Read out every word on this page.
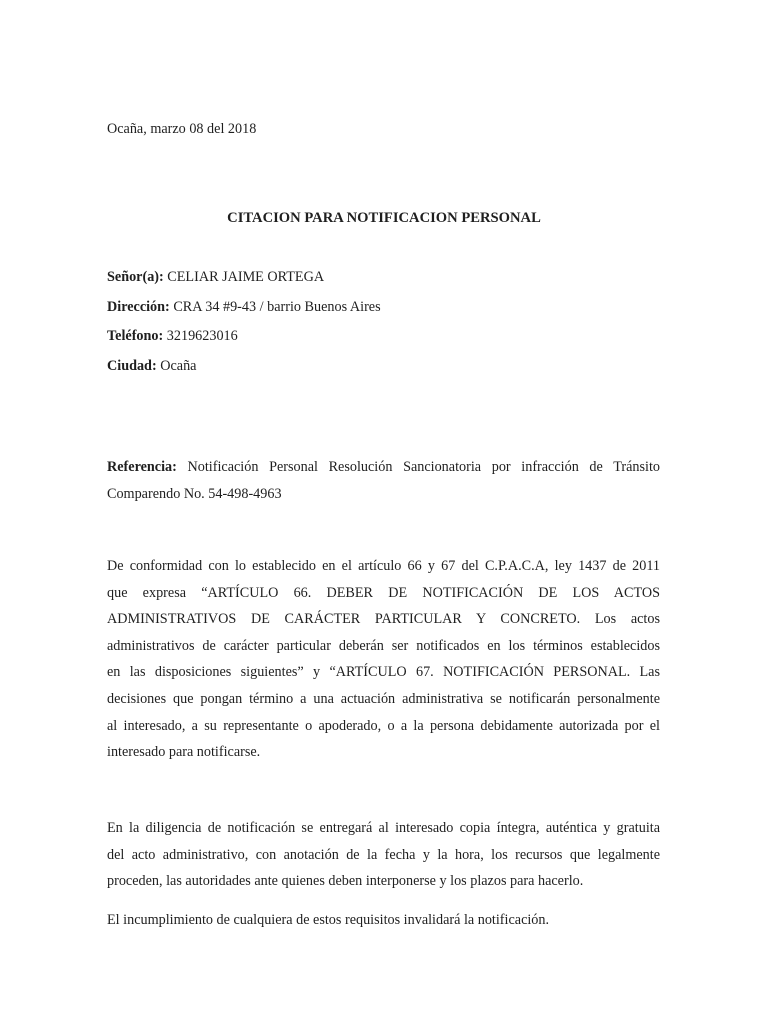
Ocaña, marzo 08 del 2018
CITACION PARA NOTIFICACION PERSONAL
Señor(a): CELIAR JAIME ORTEGA
Dirección: CRA 34 #9-43 / barrio Buenos Aires
Teléfono: 3219623016
Ciudad: Ocaña
Referencia: Notificación Personal Resolución Sancionatoria por infracción de Tránsito
Comparendo No. 54-498-4963
De conformidad con lo establecido en el artículo 66 y 67 del C.P.A.C.A, ley 1437 de 2011
que expresa “ARTÍCULO 66. DEBER DE NOTIFICACIÓN DE LOS ACTOS
ADMINISTRATIVOS DE CARÁCTER PARTICULAR Y CONCRETO. Los actos
administrativos de carácter particular deberán ser notificados en los términos establecidos
en las disposiciones siguientes” y “ARTÍCULO 67. NOTIFICACIÓN PERSONAL. Las
decisiones que pongan término a una actuación administrativa se notificarán personalmente
al interesado, a su representante o apoderado, o a la persona debidamente autorizada por el
interesado para notificarse.
En la diligencia de notificación se entregará al interesado copia íntegra, auténtica y gratuita
del acto administrativo, con anotación de la fecha y la hora, los recursos que legalmente
proceden, las autoridades ante quienes deben interponerse y los plazos para hacerlo.
El incumplimiento de cualquiera de estos requisitos invalidará la notificación.
